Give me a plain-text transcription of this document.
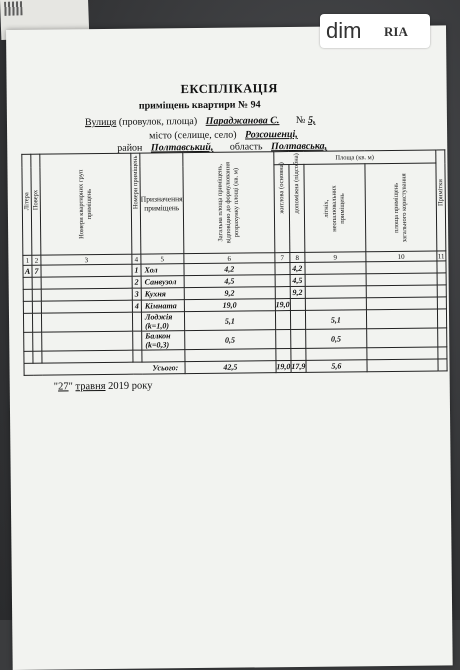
ЕКСПЛІКАЦІЯ
приміщень квартири № 94
Вулиця (провулок, площа) Параджанова С. № 5,
місто (селище, село) Розсошенці,
район Полтавський, область Полтавська,
Літера	Поверх	Номери квартирних груп приміщень	Номери приміщень	Призначення приміщень	Загальна площа приміщень, відповідно до формулювання розрахунку площі (кв. м)	Площа (кв. м)				Примітки
						житлова (основна)	допоміжна (підсобна)	літніх, неопалювальних приміщень	площа приміщень загального користування	
1	2	3	4	5	6	7	8	9	10	11
А	7		1	Хол	4,2		4,2			
			2	Санвузол	4,5		4,5			
			3	Кухня	9,2		9,2			
			4	Кімната	19,0	19,0				
				Лоджія (k=1,0)	5,1			5,1		
				Балкон (k=0,3)	0,5			0,5		

Усього:					42,5	19,0	17,9	5,6		
"27" травня 2019 року
dim RIA
